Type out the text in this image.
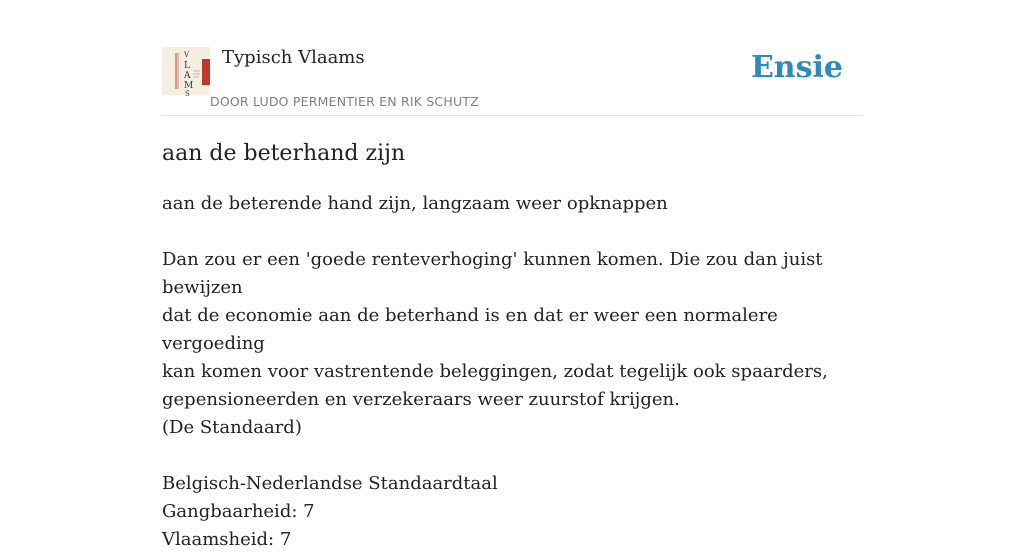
V
L
A
M
S
Typisch Vlaams
DOOR LUDO PERMENTIER EN RIK SCHUTZ
Ensie
aan de beterhand zijn
aan de beterende hand zijn, langzaam weer opknappen
Dan zou er een 'goede renteverhoging' kunnen komen. Die zou dan juist bewijzen
dat de economie aan de beterhand is en dat er weer een normalere vergoeding
kan komen voor vastrentende beleggingen, zodat tegelijk ook spaarders,
gepensioneerden en verzekeraars weer zuurstof krijgen.
(De Standaard)
Belgisch-Nederlandse Standaardtaal
Gangbaarheid: 7
Vlaamsheid: 7
